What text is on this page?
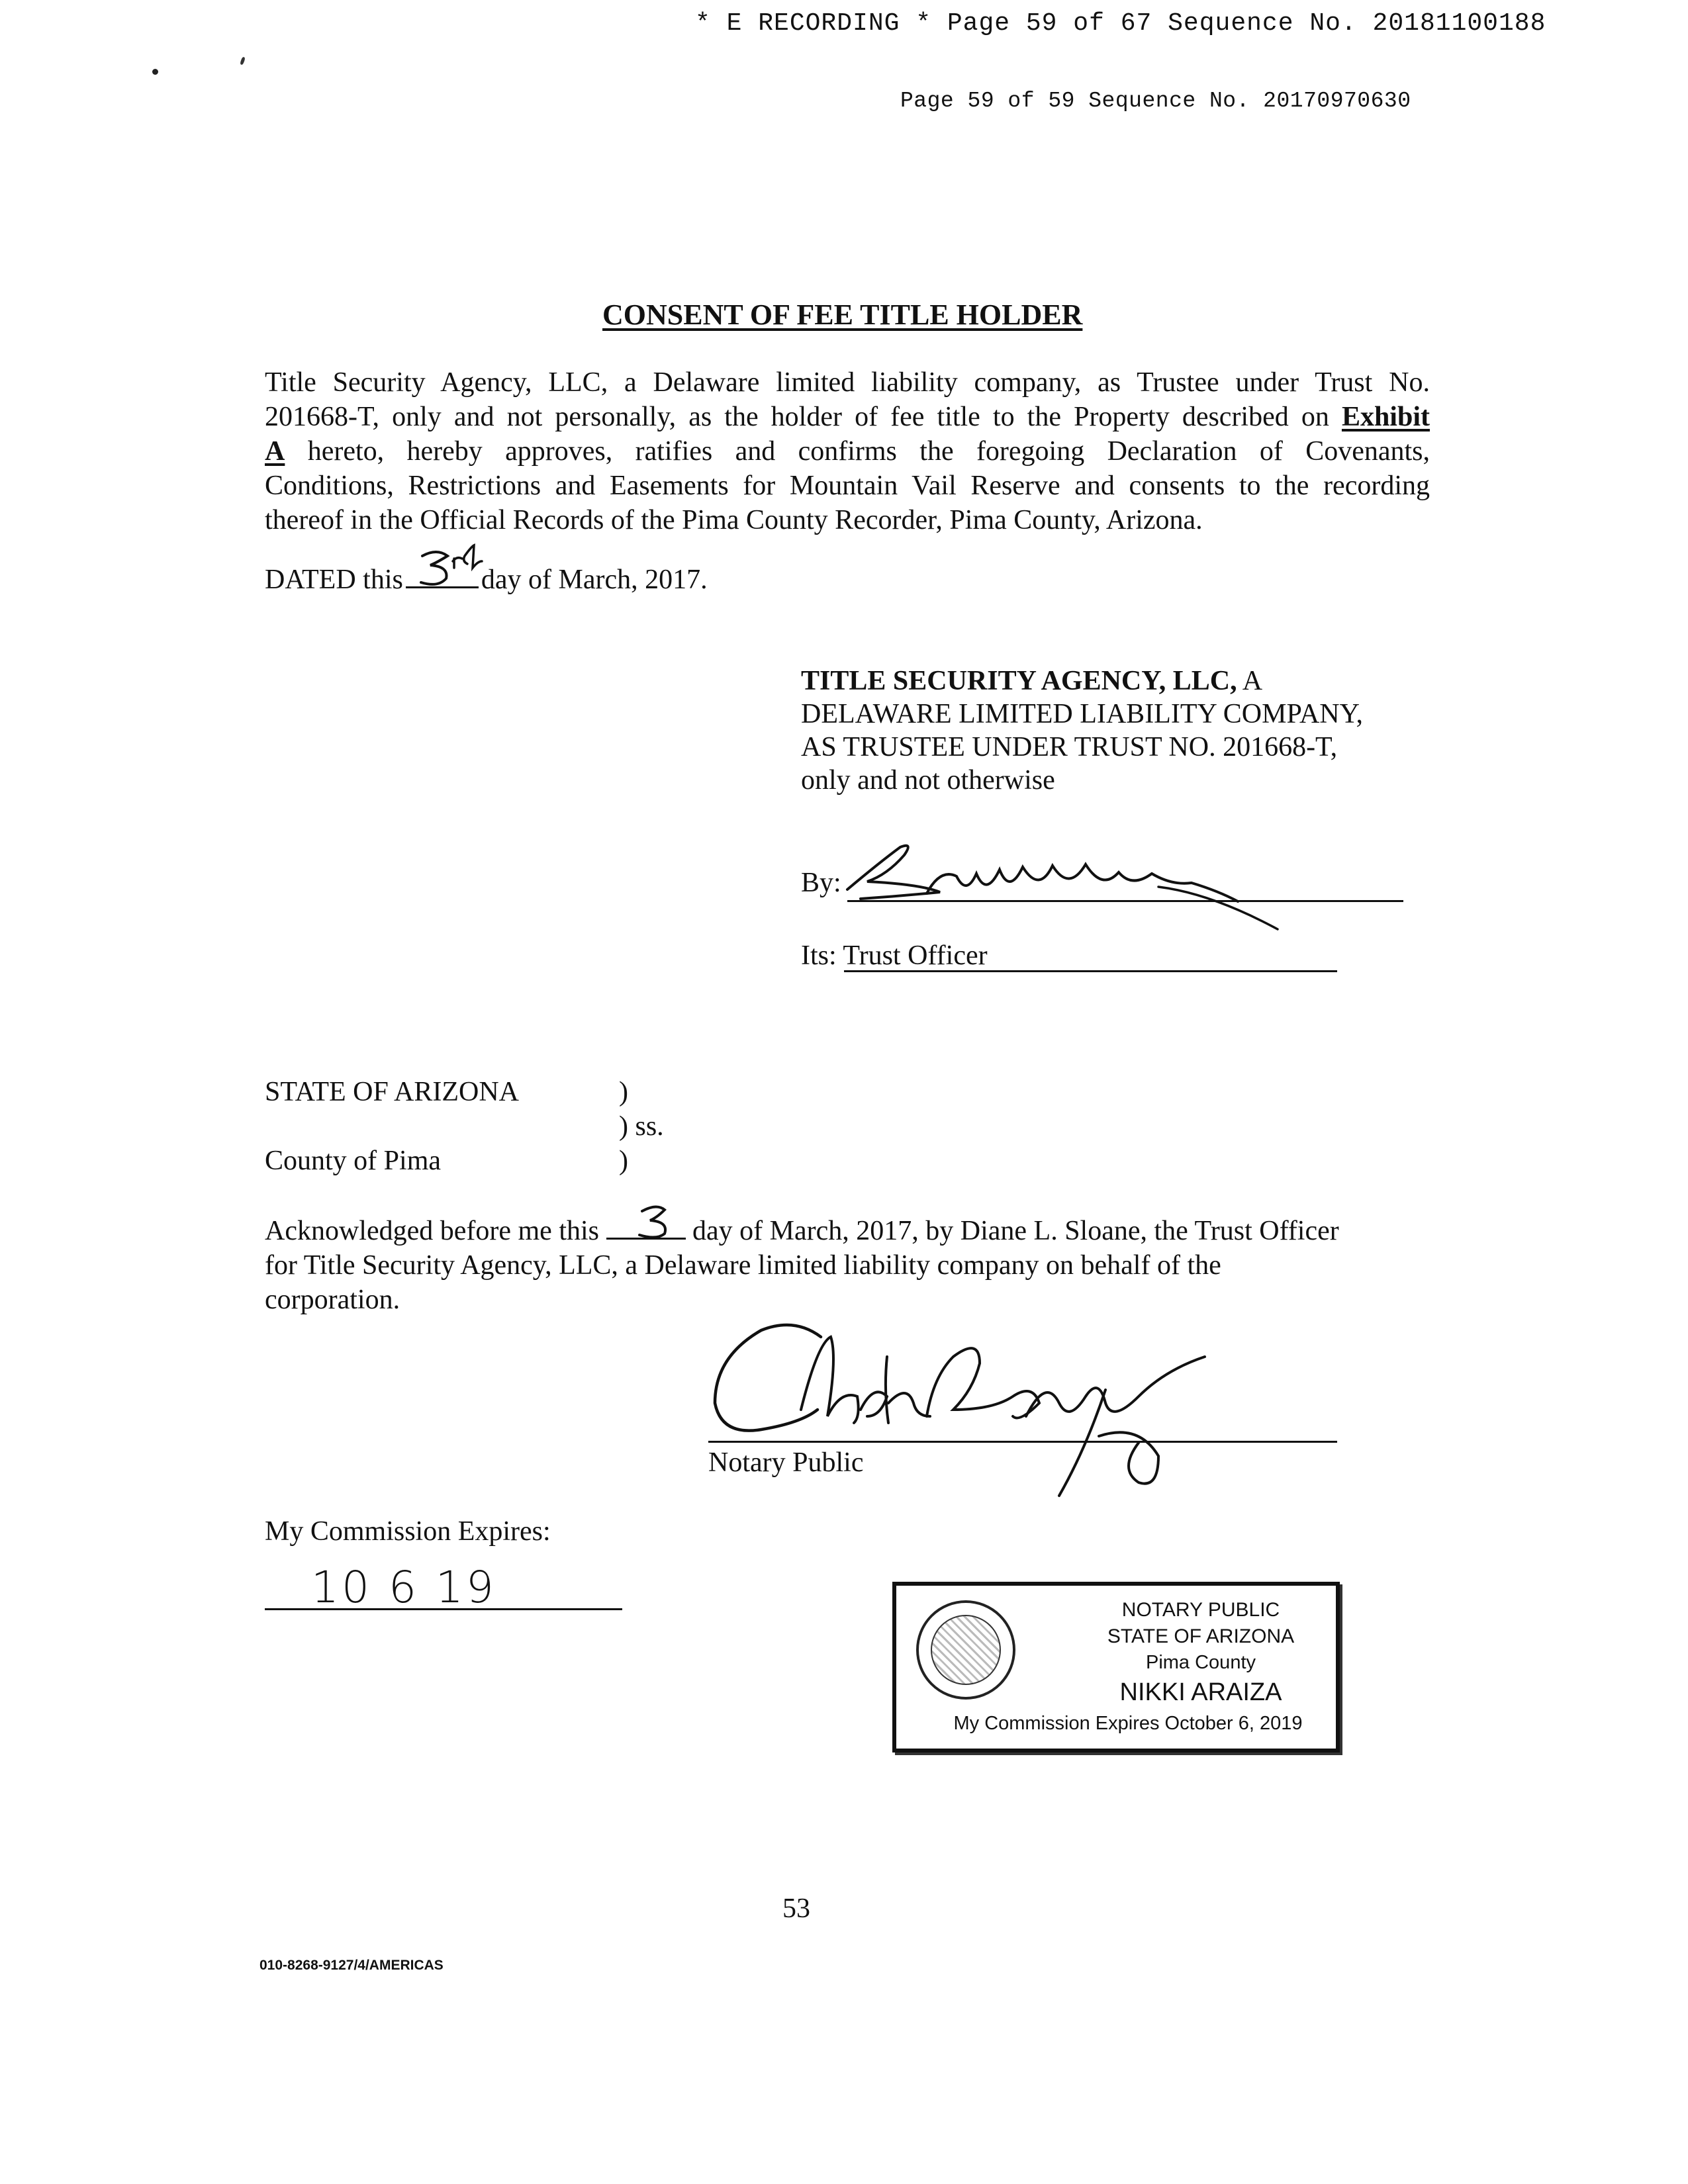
* E RECORDING * Page 59 of 67 Sequence No. 20181100188
Page 59 of 59 Sequence No. 20170970630
CONSENT OF FEE TITLE HOLDER
Title Security Agency, LLC, a Delaware limited liability company, as Trustee under Trust No.
201668-T, only and not personally, as the holder of fee title to the Property described on Exhibit
A hereto, hereby approves, ratifies and confirms the foregoing Declaration of Covenants,
Conditions, Restrictions and Easements for Mountain Vail Reserve and consents to the recording
thereof in the Official Records of the Pima County Recorder, Pima County, Arizona.
DATED this	day of March, 2017.
TITLE SECURITY AGENCY, LLC, A
DELAWARE LIMITED LIABILITY COMPANY,
AS TRUSTEE UNDER TRUST NO. 201668-T,
only and not otherwise
By:
Its: Trust Officer
STATE OF ARIZONA	)
) ss.
County of Pima	)
Acknowledged before me this	day of March, 2017, by Diane L. Sloane, the Trust Officer
for Title Security Agency, LLC, a Delaware limited liability company on behalf of the
corporation.
Notary Public
My Commission Expires:
10 6 19	NOTARY PUBLIC
STATE OF ARIZONA
Pima County
NIKKI ARAIZA
My Commission Expires October 6, 2019
53
010-8268-9127/4/AMERICAS
